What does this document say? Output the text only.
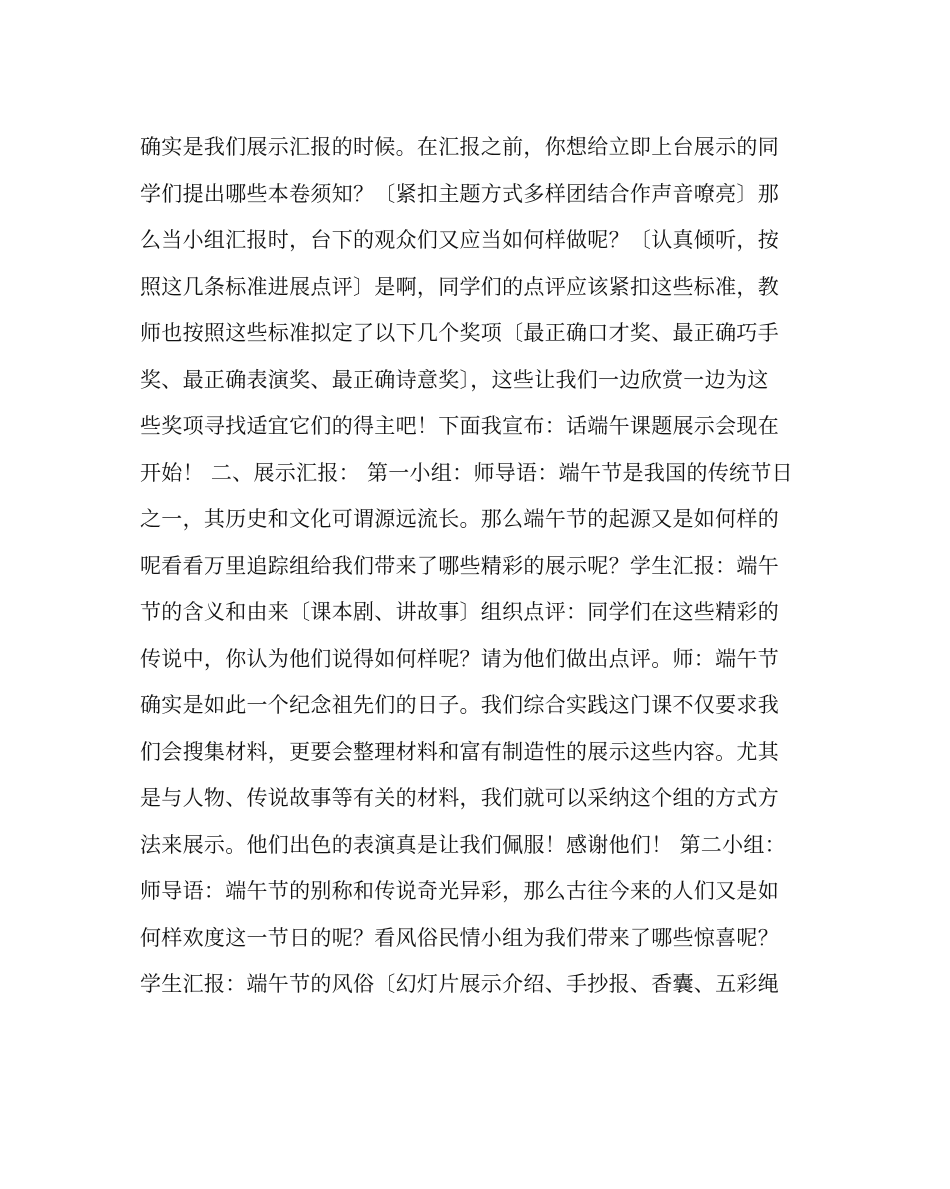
确实是我们展示汇报的时候。在汇报之前，你想给立即上台展示的同
学们提出哪些本卷须知？〔紧扣主题方式多样团结合作声音嘹亮〕那
么当小组汇报时，台下的观众们又应当如何样做呢？〔认真倾听，按
照这几条标准进展点评〕是啊，同学们的点评应该紧扣这些标准，教
师也按照这些标准拟定了以下几个奖项〔最正确口才奖、最正确巧手
奖、最正确表演奖、最正确诗意奖〕，这些让我们一边欣赏一边为这
些奖项寻找适宜它们的得主吧！下面我宣布：话端午课题展示会现在
开始！ 二、展示汇报： 第一小组：师导语：端午节是我国的传统节日
之一，其历史和文化可谓源远流长。那么端午节的起源又是如何样的
呢看看万里追踪组给我们带来了哪些精彩的展示呢？学生汇报：端午
节的含义和由来〔课本剧、讲故事〕组织点评：同学们在这些精彩的
传说中，你认为他们说得如何样呢？请为他们做出点评。师：端午节
确实是如此一个纪念祖先们的日子。我们综合实践这门课不仅要求我
们会搜集材料，更要会整理材料和富有制造性的展示这些内容。尤其
是与人物、传说故事等有关的材料，我们就可以采纳这个组的方式方
法来展示。他们出色的表演真是让我们佩服！感谢他们！ 第二小组：
师导语：端午节的别称和传说奇光异彩，那么古往今来的人们又是如
何样欢度这一节日的呢？看风俗民情小组为我们带来了哪些惊喜呢？
学生汇报：端午节的风俗〔幻灯片展示介绍、手抄报、香囊、五彩绳
